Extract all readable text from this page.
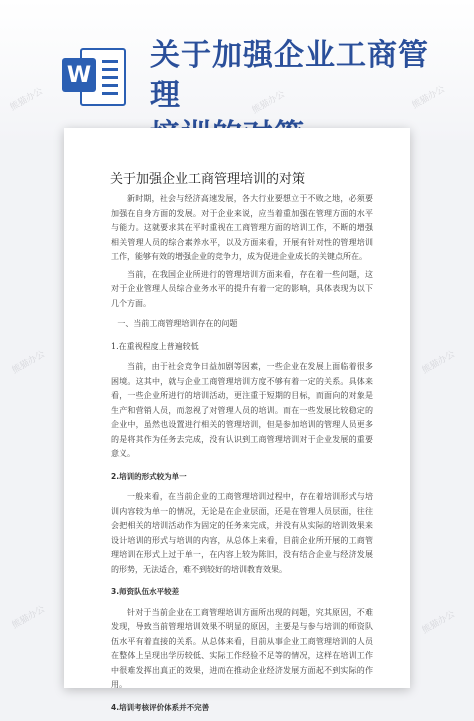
W
关于加强企业工商管理
关于加强企业工商管理培训的对策

新时期，社会与经济高速发展，各大行业要想立于不败之地，必须要加强在自身方面的发展。对于企业来说，应当着重加强在管理方面的水平与能力。这就要求其在平时重视在工商管理方面的培训工作，不断的增强相关管理人员的综合素养水平，以及方面来看，开展有针对性的管理培训工作，能够有效的增强企业的竞争力，成为促进企业成长的关键点所在。

当前，在我国企业所进行的管理培训方面来看，存在着一些问题，这对于企业管理人员综合业务水平的提升有着一定的影响，具体表现为以下几个方面。

一、当前工商管理培训存在的问题
1.在重视程度上普遍较低

当前，由于社会竞争日益加剧等因素，一些企业在发展上面临着很多困境。这其中，就与企业工商管理培训方度不够有着一定的关系。具体来看，一些企业所进行的培训活动，更注重于短期的目标，而面向的对象是生产和营销人员，而忽视了对管理人员的培训。而在一些发展比较稳定的企业中，虽然也设置进行相关的管理培训，但是参加培训的管理人员更多的是将其作为任务去完成，没有认识到工商管理培训对于企业发展的重要意义。

2.培训的形式较为单一

一般来看，在当前企业的工商管理培训过程中，存在着培训形式与培训内容较为单一的情况，无论是在企业层面，还是在管理人员层面，往往会把相关的培训活动作为固定的任务来完成，并没有从实际的培训效果来设计培训的形式与培训的内容，从总体上来看，目前企业所开展的工商管理培训在形式上过于单一，在内容上较为陈旧，没有结合企业与经济发展的形势，无法适合，难不到较好的培训教育效果。

3.师资队伍水平较差

针对于当前企业在工商管理培训方面所出现的问题，究其原因，不难发现，导致当前管理培训效果不明显的原因，主要是与参与培训的师资队伍水平有着直接的关系。从总体来看，目前从事企业工商管理培训的人员在整体上呈现出学历较低、实际工作经验不足等的情况，这样在培训工作中很难发挥出真正的效果，进而在推动企业经济发展方面起不到实际的作用。

4.培训考核评价体系并不完善
熊猫办公	熊猫办公	熊猫办公
熊猫办公	熊猫办公
熊猫办公	熊猫办公
